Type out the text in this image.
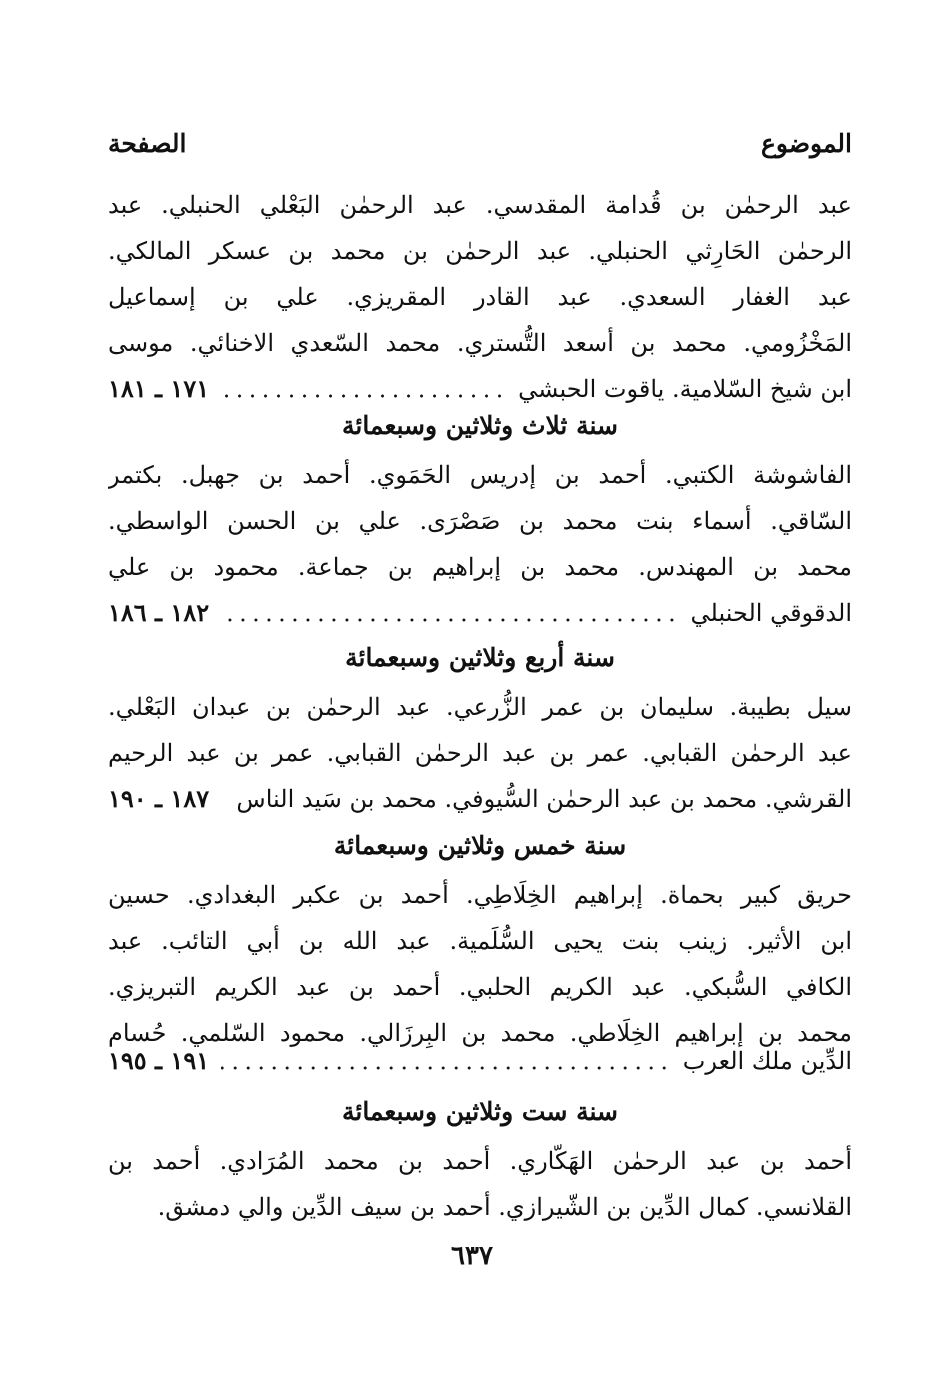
الموضوع
الصفحة
عبد الرحمٰن بن قُدامة المقدسي. عبد الرحمٰن البَعْلي الحنبلي. عبد
الرحمٰن الحَارِثي الحنبلي. عبد الرحمٰن بن محمد بن عسكر المالكي.
عبد الغفار السعدي. عبد القادر المقريزي. علي بن إسماعيل
المَخْزُومي. محمد بن أسعد التُّستري. محمد السّعدي الاخنائي. موسى
ابن شيخ السّلامية. ياقوت الحبشي
١٧١ ـ ١٨١
سنة ثلاث وثلاثين وسبعمائة
الفاشوشة الكتبي. أحمد بن إدريس الحَمَوي. أحمد بن جهبل. بكتمر
السّاقي. أسماء بنت محمد بن صَصْرَى. علي بن الحسن الواسطي.
محمد بن المهندس. محمد بن إبراهيم بن جماعة. محمود بن علي
الدقوقي الحنبلي
١٨٢ ـ ١٨٦
سنة أربع وثلاثين وسبعمائة
سيل بطيبة. سليمان بن عمر الزُّرعي. عبد الرحمٰن بن عبدان البَعْلي.
عبد الرحمٰن القبابي. عمر بن عبد الرحمٰن القبابي. عمر بن عبد الرحيم
القرشي. محمد بن عبد الرحمٰن السُّيوفي. محمد بن سَيد الناس
١٨٧ ـ ١٩٠
سنة خمس وثلاثين وسبعمائة
حريق كبير بحماة. إبراهيم الخِلَاطِي. أحمد بن عكبر البغدادي. حسين
ابن الأثير. زينب بنت يحيى السُّلَمية. عبد الله بن أبي التائب. عبد
الكافي السُّبكي. عبد الكريم الحلبي. أحمد بن عبد الكريم التبريزي.
محمد بن إبراهيم الخِلَاطي. محمد بن البِرزَالي. محمود السّلمي. حُسام
الدِّين ملك العرب
١٩١ ـ ١٩٥
سنة ست وثلاثين وسبعمائة
أحمد بن عبد الرحمٰن الهَكّاري. أحمد بن محمد المُرَادي. أحمد بن
القلانسي. كمال الدِّين بن الشّيرازي. أحمد بن سيف الدِّين والي دمشق.
٦٣٧
